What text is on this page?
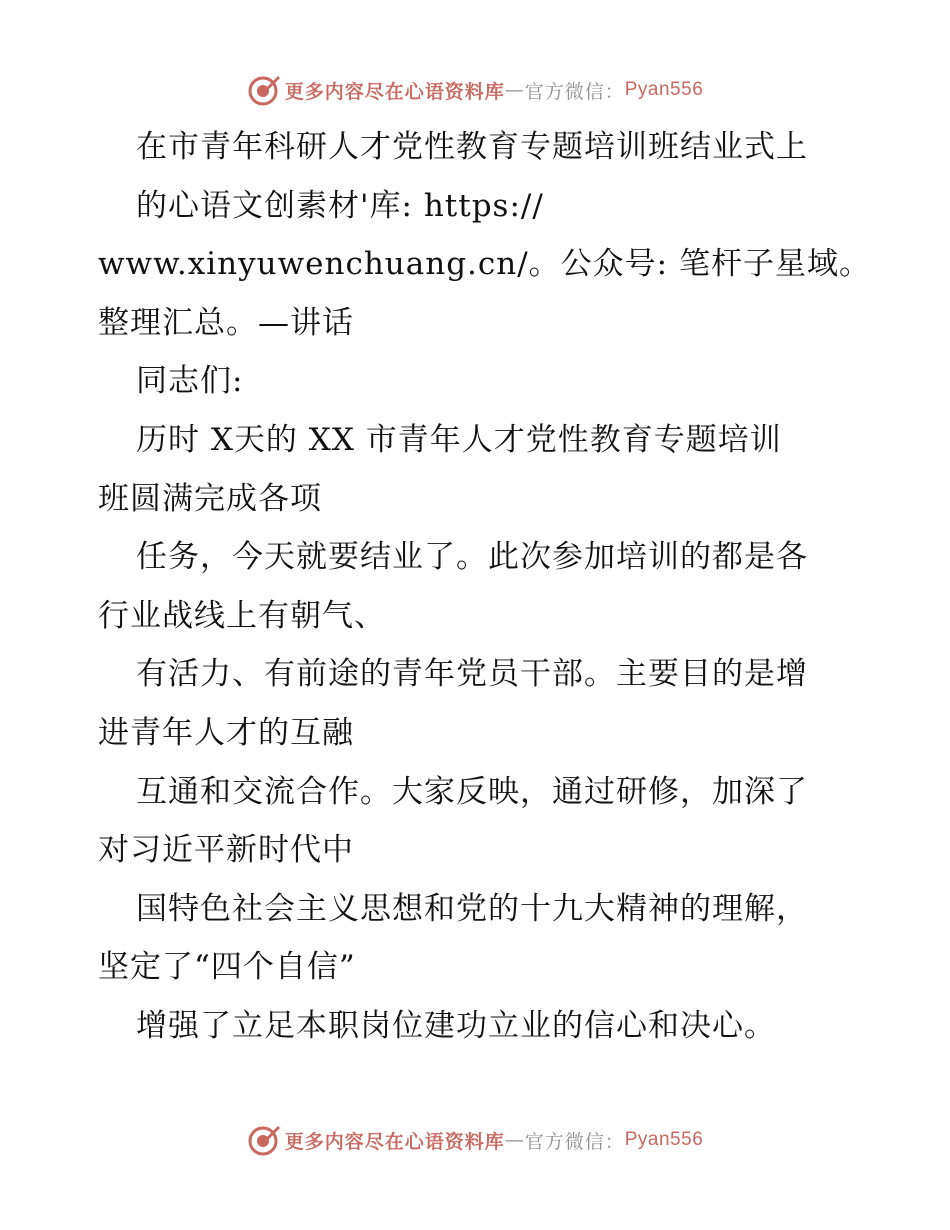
更多内容尽在心语资料库 — 官方微信： Pyan556
在市青年科研人才党性教育专题培训班结业式上
的心语文创素材'库: https://
www.xinyuwenchuang.cn/。公众号: 笔杆子星域。
整理汇总。—讲话
同志们:
历时 X天的 XX 市青年人才党性教育专题培训
班圆满完成各项
任务，今天就要结业了。此次参加培训的都是各
行业战线上有朝气、
有活力、有前途的青年党员干部。主要目的是增
进青年人才的互融
互通和交流合作。大家反映，通过研修，加深了
对习近平新时代中
国特色社会主义思想和党的十九大精神的理解，
坚定了“四个自信”
增强了立足本职岗位建功立业的信心和决心。
更多内容尽在心语资料库 — 官方微信： Pyan556
